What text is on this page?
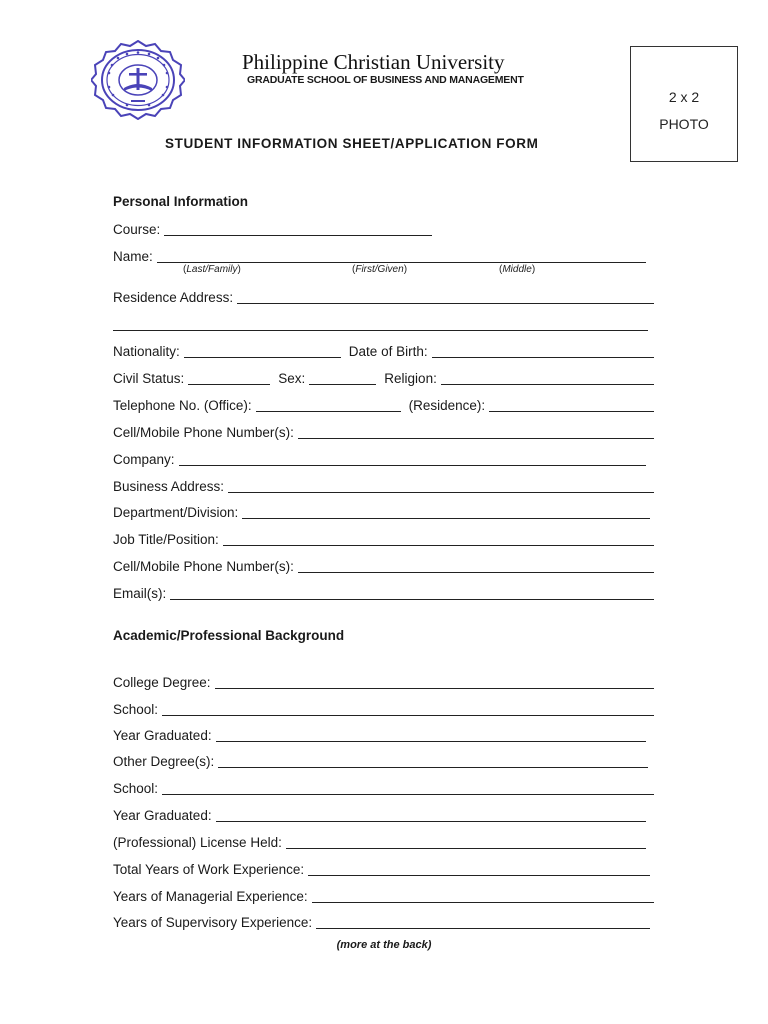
Philippine Christian University
GRADUATE SCHOOL OF BUSINESS AND MANAGEMENT
STUDENT INFORMATION SHEET/APPLICATION FORM
2 x 2
PHOTO
Personal Information
Course:
Name:
(Last/Family)	(First/Given)	(Middle)
Residence Address:
Nationality:	Date of Birth:
Civil Status:	Sex:	Religion:
Telephone No. (Office):	(Residence):
Cell/Mobile Phone Number(s):
Company:
Business Address:
Department/Division:
Job Title/Position:
Cell/Mobile Phone Number(s):
Email(s):
Academic/Professional Background
College Degree:
School:
Year Graduated:
Other Degree(s):
School:
Year Graduated:
(Professional) License Held:
Total Years of Work Experience:
Years of Managerial Experience:
Years of Supervisory Experience:
(more at the back)
